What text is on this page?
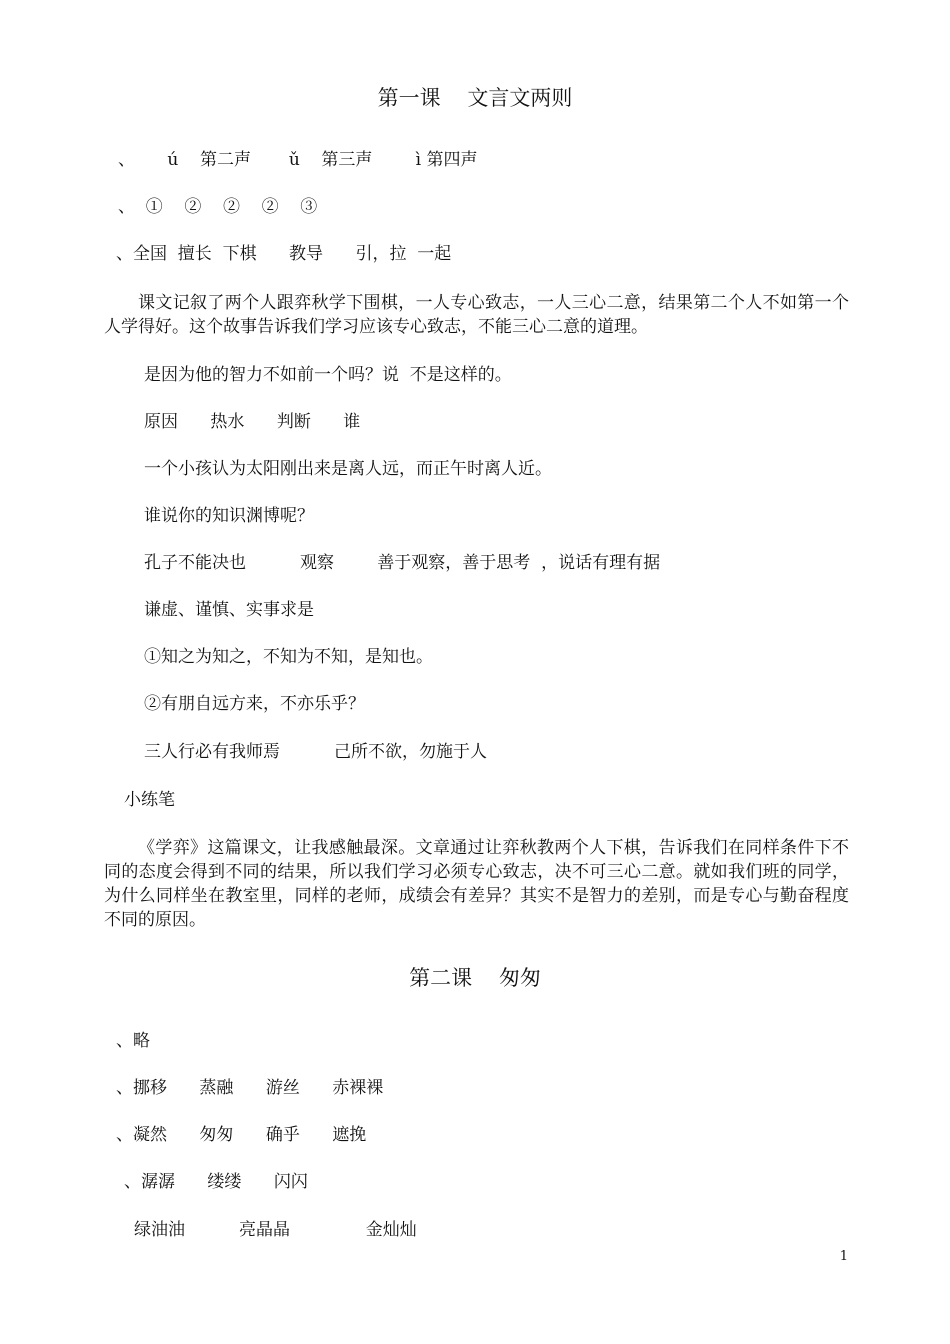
第一课    文言文两则
、      ú    第二声       ǔ    第三声        ì 第四声
、  ①    ②    ②    ②    ③
、全国  擅长  下棋      教导      引，拉  一起
课文记叙了两个人跟弈秋学下围棋，一人专心致志，一人三心二意，结果第二个人不如第一个人学得好。这个故事告诉我们学习应该专心致志，不能三心二意的道理。
是因为他的智力不如前一个吗？说  不是这样的。
原因      热水      判断      谁
一个小孩认为太阳刚出来是离人远，而正午时离人近。
谁说你的知识渊博呢？
孔子不能决也          观察        善于观察，善于思考  ，说话有理有据
谦虚、谨慎、实事求是
①知之为知之，不知为不知，是知也。
②有朋自远方来，不亦乐乎？
三人行必有我师焉          己所不欲，勿施于人
小练笔
《学弈》这篇课文，让我感触最深。文章通过让弈秋教两个人下棋，告诉我们在同样条件下不同的态度会得到不同的结果，所以我们学习必须专心致志，决不可三心二意。就如我们班的同学，为什么同样坐在教室里，同样的老师，成绩会有差异？其实不是智力的差别，而是专心与勤奋程度不同的原因。
第二课    匆匆
、略
、挪移      蒸融      游丝      赤裸裸
、凝然      匆匆      确乎      遮挽
、潺潺      缕缕      闪闪
绿油油          亮晶晶              金灿灿
1
